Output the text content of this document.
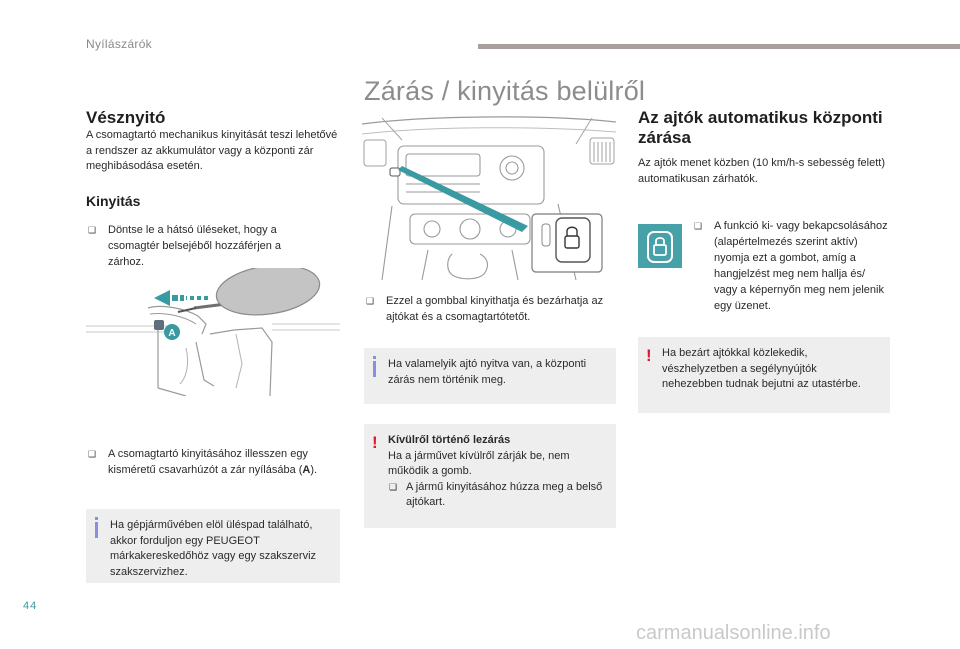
Nyílászárók
Zárás / kinyitás belülről
Vésznyitó
A csomagtartó mechanikus kinyitását teszi lehetővé a rendszer az akkumulátor vagy a központi zár meghibásodása esetén.
Kinyitás
❑ Döntse le a hátsó üléseket, hogy a csomagtér belsejéből hozzáférjen a zárhoz.
A
❑ A csomagtartó kinyitásához illesszen egy kisméretű csavarhúzót a zár nyílásába (A).
Ha gépjárművében elöl üléspad található, akkor forduljon egy PEUGEOT márkakereskedőhöz vagy egy szakszerviz szakszervizhez.
❑ Ezzel a gombbal kinyithatja és bezárhatja az ajtókat és a csomagtartótetőt.
Ha valamelyik ajtó nyitva van, a központi zárás nem történik meg.
! Kívülről történő lezárás
Ha a járművet kívülről zárják be, nem működik a gomb.
❑ A jármű kinyitásához húzza meg a belső ajtókart.
Az ajtók automatikus központi zárása
Az ajtók menet közben (10 km/h-s sebesség felett) automatikusan zárhatók.
❑ A funkció ki- vagy bekapcsolásához (alapértelmezés szerint aktív) nyomja ezt a gombot, amíg a hangjelzést meg nem hallja és/ vagy a képernyőn meg nem jelenik egy üzenet.
! Ha bezárt ajtókkal közlekedik, vészhelyzetben a segélynyújtók nehezebben tudnak bejutni az utastérbe.
44
carmanualsonline.info
